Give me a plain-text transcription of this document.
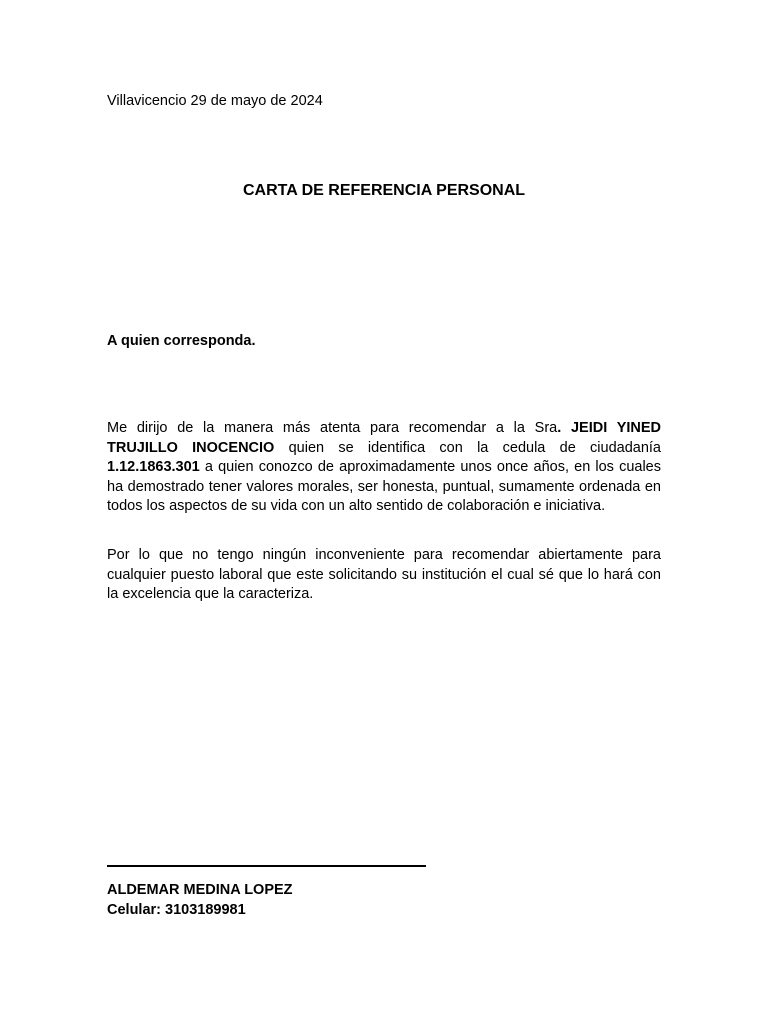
Villavicencio 29 de mayo de 2024
CARTA DE REFERENCIA PERSONAL
A quien corresponda.
Me dirijo de la manera más atenta para recomendar a la Sra. JEIDI YINED TRUJILLO INOCENCIO quien se identifica con la cedula de ciudadanía 1.12.1863.301 a quien conozco de aproximadamente unos once años, en los cuales ha demostrado tener valores morales, ser honesta, puntual, sumamente ordenada en todos los aspectos de su vida con un alto sentido de colaboración e iniciativa.
Por lo que no tengo ningún inconveniente para recomendar abiertamente para cualquier puesto laboral que este solicitando su institución el cual sé que lo hará con la excelencia que la caracteriza.
ALDEMAR MEDINA LOPEZ
Celular: 3103189981
